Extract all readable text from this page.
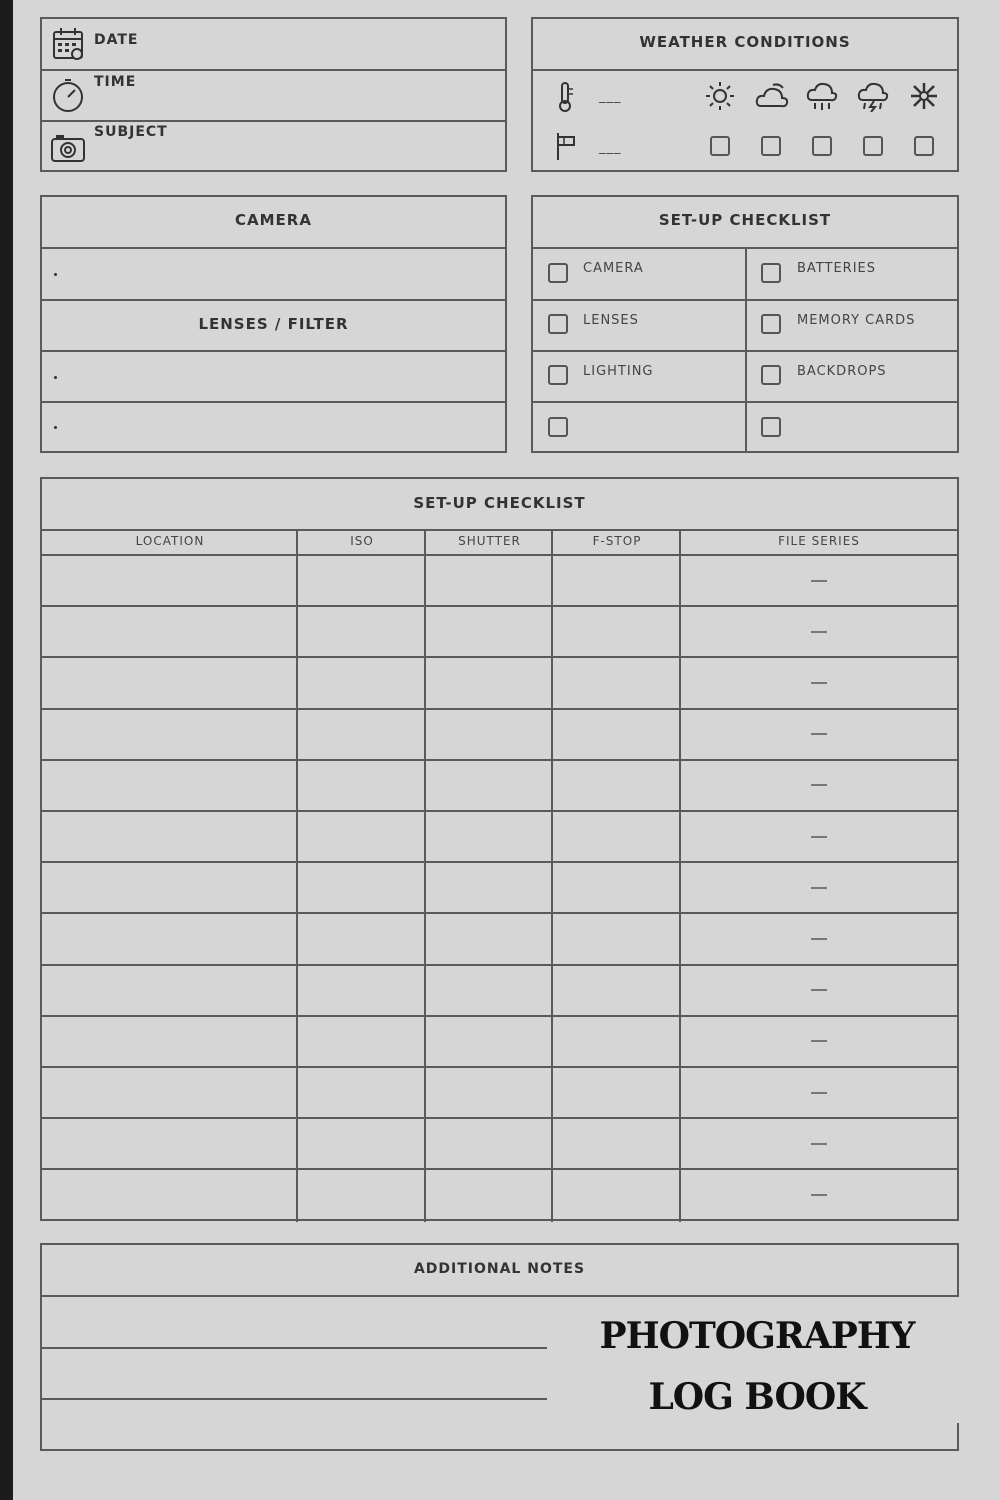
DATE
TIME
SUBJECT
WEATHER CONDITIONS
___
___
CAMERA
LENSES / FILTER
SET-UP CHECKLIST
CAMERA	BATTERIES
LENSES	MEMORY CARDS
LIGHTING	BACKDROPS
SET-UP CHECKLIST
LOCATION	ISO	SHUTTER	F-STOP	FILE SERIES
ADDITIONAL NOTES
PHOTOGRAPHY
LOG BOOK
